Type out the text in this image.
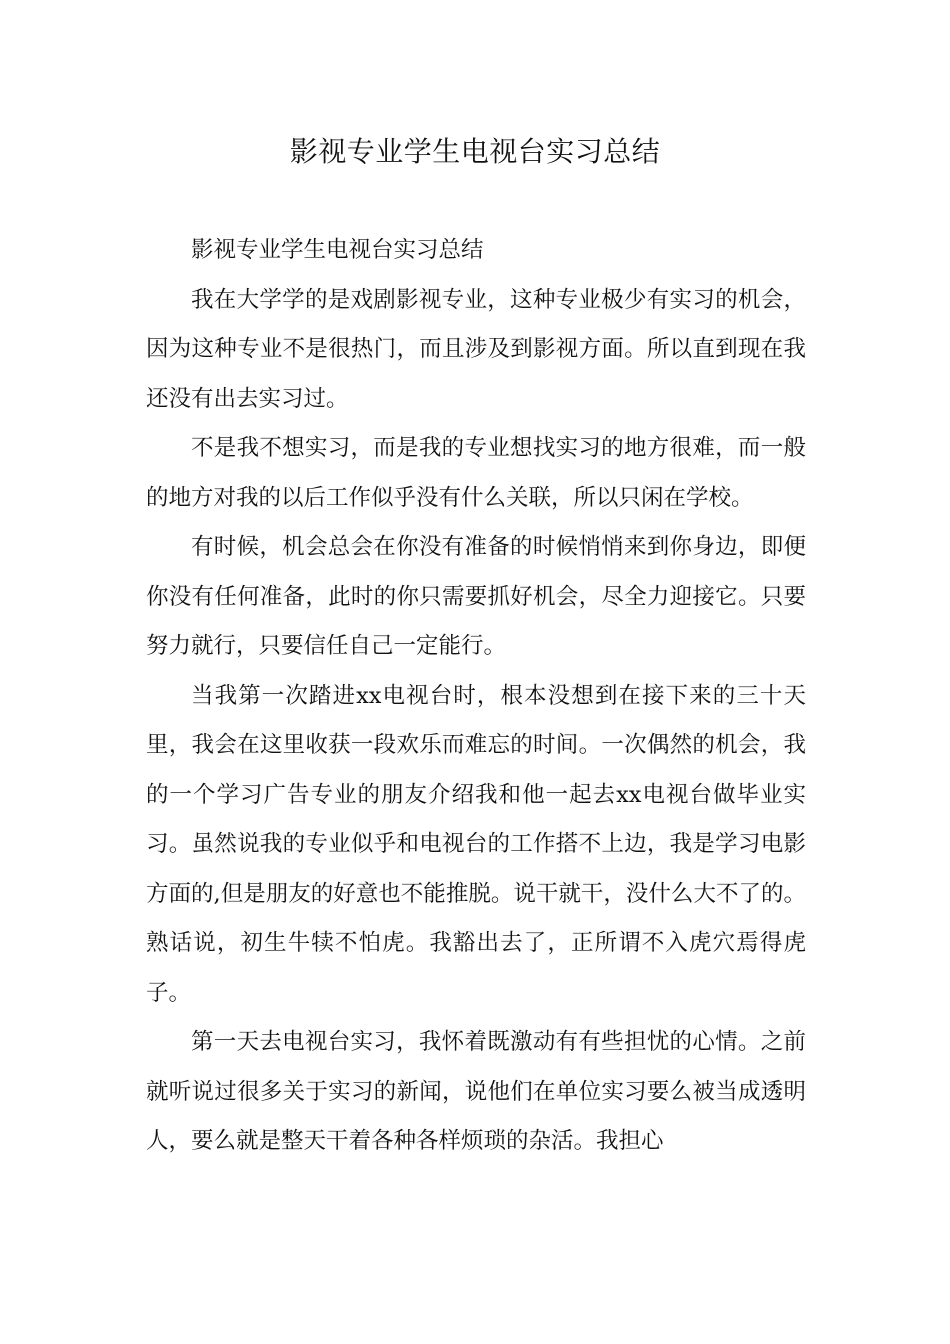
影视专业学生电视台实习总结

影视专业学生电视台实习总结

我在大学学的是戏剧影视专业，这种专业极少有实习的机会，因为这种专业不是很热门，而且涉及到影视方面。所以直到现在我还没有出去实习过。

不是我不想实习，而是我的专业想找实习的地方很难，而一般的地方对我的以后工作似乎没有什么关联，所以只闲在学校。

有时候，机会总会在你没有准备的时候悄悄来到你身边，即便你没有任何准备，此时的你只需要抓好机会，尽全力迎接它。只要努力就行，只要信任自己一定能行。

当我第一次踏进xx电视台时，根本没想到在接下来的三十天里，我会在这里收获一段欢乐而难忘的时间。一次偶然的机会，我的一个学习广告专业的朋友介绍我和他一起去xx电视台做毕业实习。虽然说我的专业似乎和电视台的工作搭不上边，我是学习电影方面的,但是朋友的好意也不能推脱。说干就干，没什么大不了的。熟话说，初生牛犊不怕虎。我豁出去了，正所谓不入虎穴焉得虎子。

第一天去电视台实习，我怀着既激动有有些担忧的心情。之前就听说过很多关于实习的新闻，说他们在单位实习要么被当成透明人，要么就是整天干着各种各样烦琐的杂活。我担心
